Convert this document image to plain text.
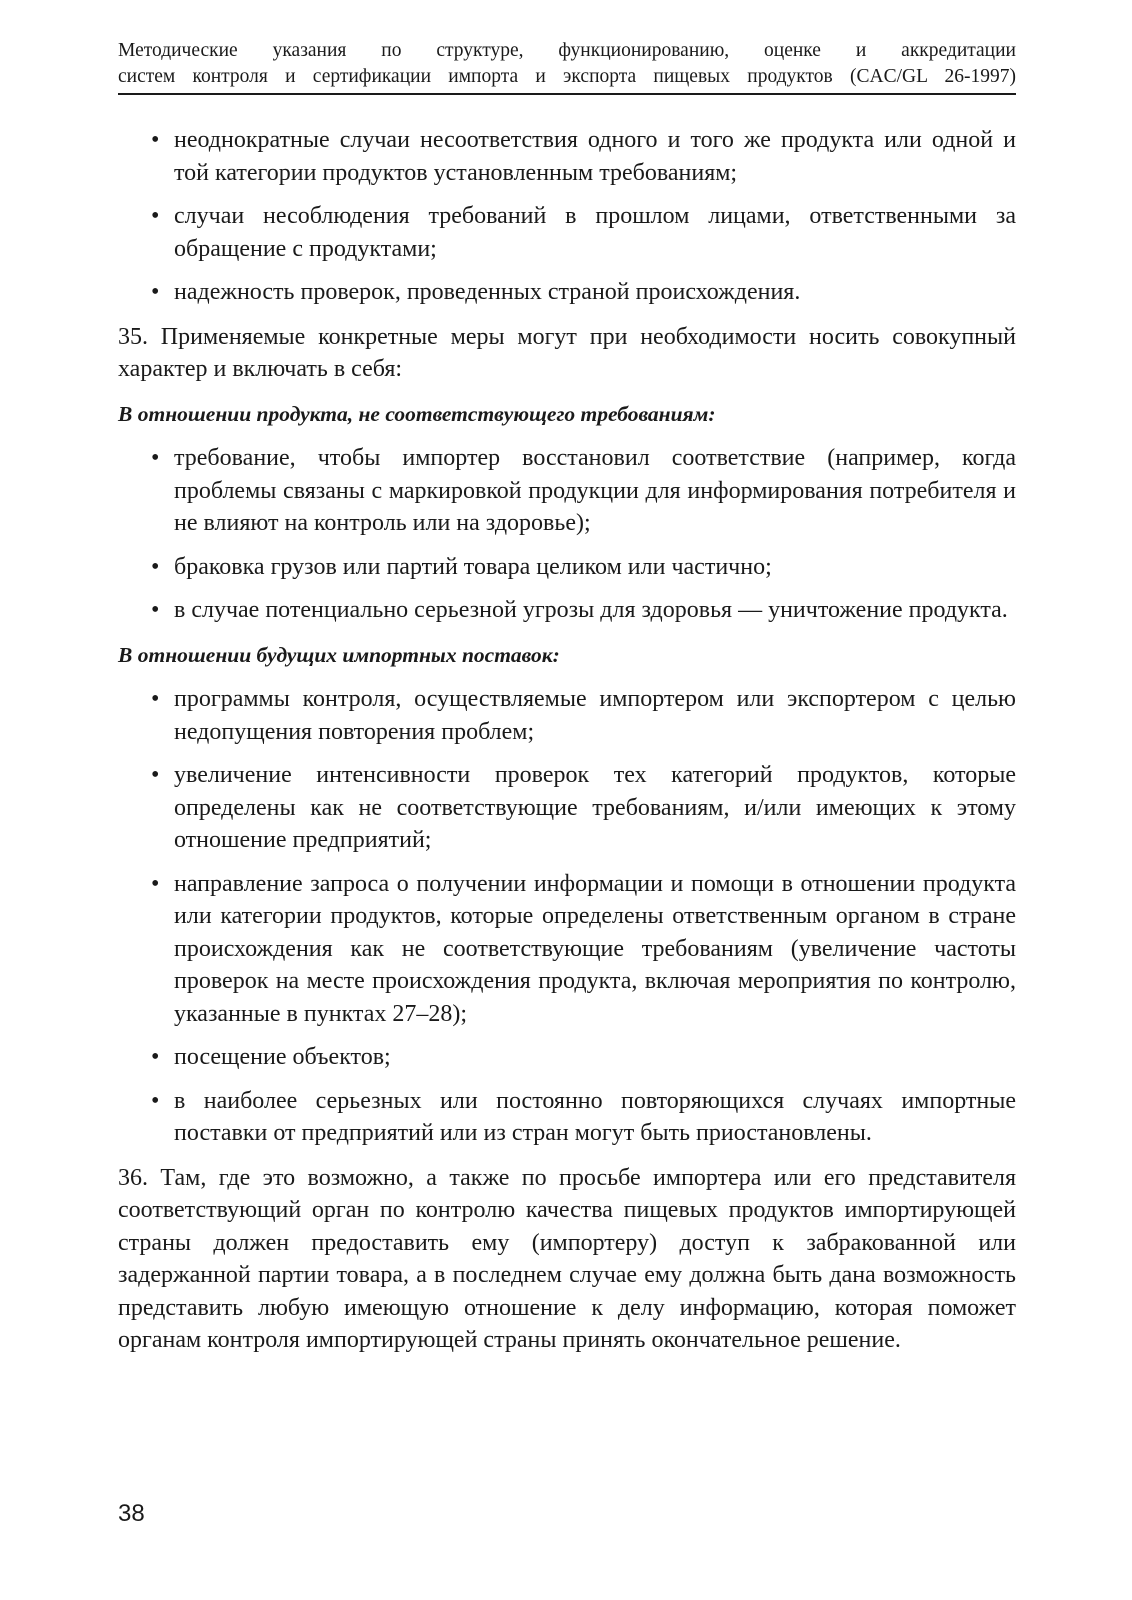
Методические указания по структуре, функционированию, оценке и аккредитации
систем контроля и сертификации импорта и экспорта пищевых продуктов (CAC/GL 26-1997)
• неоднократные случаи несоответствия одного и того же продукта или одной и той категории продуктов установленным требованиям;
• случаи несоблюдения требований в прошлом лицами, ответственными за обращение с продуктами;
• надежность проверок, проведенных страной происхождения.

35. Применяемые конкретные меры могут при необходимости носить совокупный характер и включать в себя:

В отношении продукта, не соответствующего требованиям:

• требование, чтобы импортер восстановил соответствие (например, когда проблемы связаны с маркировкой продукции для информирования потребителя и не влияют на контроль или на здоровье);
• браковка грузов или партий товара целиком или частично;
• в случае потенциально серьезной угрозы для здоровья — уничтожение продукта.

В отношении будущих импортных поставок:

• программы контроля, осуществляемые импортером или экспортером с целью недопущения повторения проблем;
• увеличение интенсивности проверок тех категорий продуктов, которые определены как не соответствующие требованиям, и/или имеющих к этому отношение предприятий;
• направление запроса о получении информации и помощи в отношении продукта или категории продуктов, которые определены ответственным органом в стране происхождения как не соответствующие требованиям (увеличение частоты проверок на месте происхождения продукта, включая мероприятия по контролю, указанные в пунктах 27–28);
• посещение объектов;
• в наиболее серьезных или постоянно повторяющихся случаях импортные поставки от предприятий или из стран могут быть приостановлены.

36. Там, где это возможно, а также по просьбе импортера или его представителя соответствующий орган по контролю качества пищевых продуктов импортирующей страны должен предоставить ему (импортеру) доступ к забракованной или задержанной партии товара, а в последнем случае ему должна быть дана возможность представить любую имеющую отношение к делу информацию, которая поможет органам контроля импортирующей страны принять окончательное решение.

38
